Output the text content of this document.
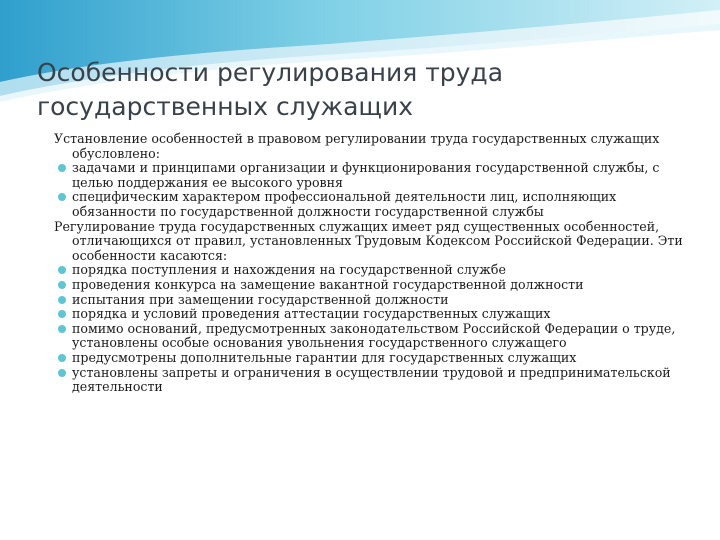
Особенности регулирования труда
государственных служащих
Установление особенностей в правовом регулировании труда государственных служащих обусловлено:
задачами и принципами организации и функционирования государственной службы, с целью поддержания ее высокого уровня
специфическим характером профессиональной деятельности лиц, исполняющих обязанности по государственной должности государственной службы
Регулирование труда государственных служащих имеет ряд существенных особенностей, отличающихся от правил, установленных Трудовым Кодексом Российской Федерации. Эти особенности касаются:
порядка поступления и нахождения на государственной службе
проведения конкурса на замещение вакантной государственной должности
испытания при замещении государственной должности
порядка и условий проведения аттестации государственных служащих
помимо оснований, предусмотренных законодательством Российской Федерации о труде, установлены особые основания увольнения государственного служащего
предусмотрены дополнительные гарантии для государственных служащих
установлены запреты и ограничения в осуществлении трудовой и предпринимательской деятельности
